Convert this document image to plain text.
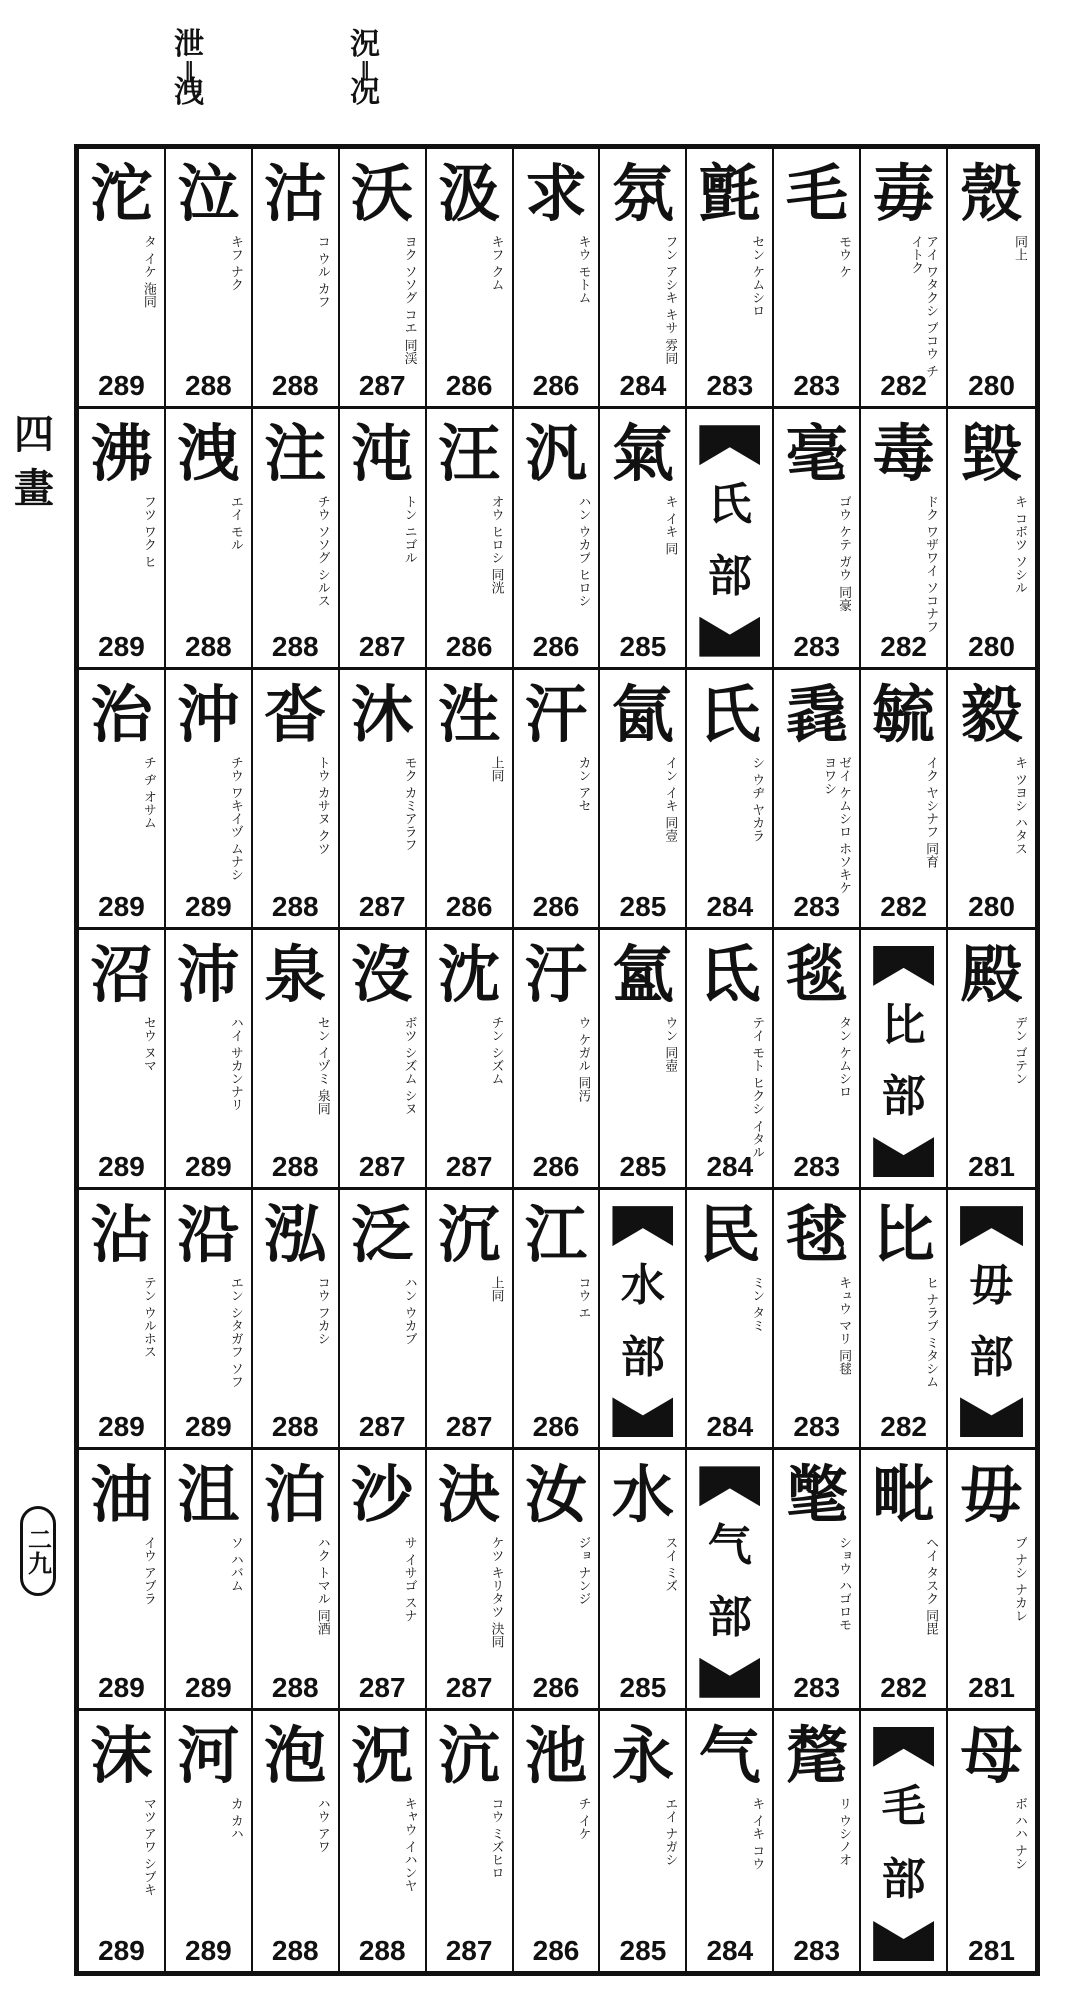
泄
‖
洩
況
‖
况
四
畫
二九
沱
タ イケ 沲同
289
沸
フツ ワク ヒ
289
治
チ ヂ オサム
289
沼
セウ ヌマ
289
沾
テン ウルホス
289
油
イウ アブラ
289
沫
マツ アワ シブキ
289
泣
キフ ナク
288
洩
エイ モル
288
沖
チウ ワキイヅ ムナシ
289
沛
ハイ サカンナリ
289
沿
エン シタガフ ソフ
289
沮
ソ ハバム
289
河
カ カハ
289
沽
コ ウル カフ
288
注
チウ ソソグ シルス
288
沓
トウ カサヌ クツ
288
泉
セン イヅミ 泉同
288
泓
コウ フカシ
288
泊
ハク トマル 同酒
288
泡
ハウ アワ
288
沃
ヨク ソソグ コエ 同渓
287
沌
トン ニゴル
287
沐
モク カミアラフ
287
沒
ボツ シズム シヌ
287
泛
ハン ウカブ
287
沙
サ イサゴ スナ
287
況
キャウ イハンヤ
288
汲
キフ クム
286
汪
オウ ヒロシ 同洸
286
泩
上同
286
沈
チン シズム
287
沉
上同
287
決
ケツ キリタツ 決同
287
沆
コウ ミズヒロ
287
求
キウ モトム
286
汎
ハン ウカブ ヒロシ
286
汗
カン アセ
286
汙
ウ ケガル 同汚
286
江
コウ エ
286
汝
ジョ ナンジ
286
池
チ イケ
286
氛
フン アシキ キサ 雰同
284
氣
キ イキ 同
285
氤
イン イキ 同壹
285
氳
ウン 同壺
285
水
部
水
スイ ミズ
285
永
エイ ナガシ
285
氈
セン ケムシロ
283
氏
部
氏
シ ウヂ ヤカラ
284
氐
テイ モト ヒクシ イタル
284
民
ミン タミ
284
气
部
气
キ イキ コウ
284
毛
モウ ケ
283
毫
ゴウ ケテ ガウ 同豪
283
毳
ゼイ ケムシロ ホソキケ ヨワシ
283
毯
タン ケムシロ
283
毬
キュウ マリ 同毬
283
氅
ショウ ハゴロモ
283
氂
リ ウシノオ
283
毐
アイ ワタクシ ブコウ チイトク
282
毒
ドク ワザワイ ソコナフ
282
毓
イク ヤシナフ 同育
282
比
部
比
ヒ ナラブ ミタシム
282
毗
ヘイ タスク 同毘
282
毛
部
殼
同上
280
毀
キ コボツ ソシル
280
毅
キ ツヨシ ハタス
280
殿
デン ゴテン
281
毋
部
毋
ブ ナシ ナカレ
281
母
ボ ハハ ナシ
281
